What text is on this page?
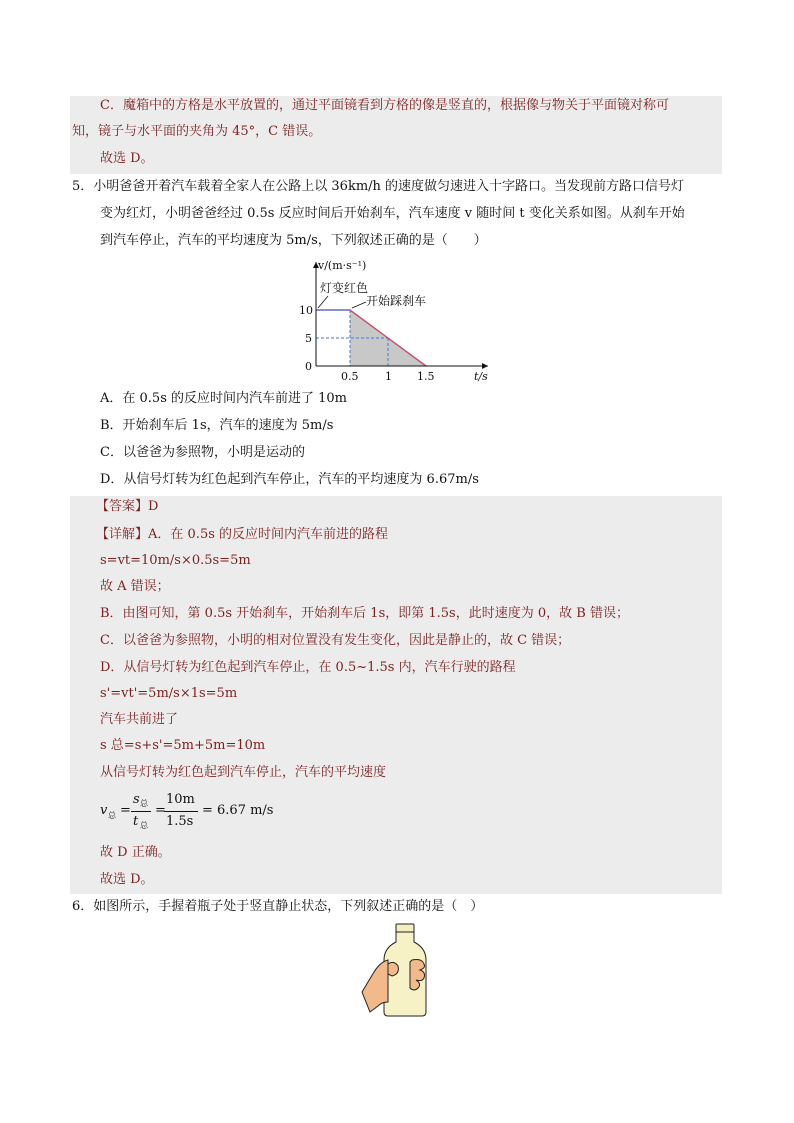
C．魔箱中的方格是水平放置的，通过平面镜看到方格的像是竖直的，根据像与物关于平面镜对称可
知，镜子与水平面的夹角为 45°，C 错误。
故选 D。
5．小明爸爸开着汽车载着全家人在公路上以 36km/h 的速度做匀速进入十字路口。当发现前方路口信号灯
变为红灯，小明爸爸经过 0.5s 反应时间后开始刹车，汽车速度 v 随时间 t 变化关系如图。从刹车开始
到汽车停止，汽车的平均速度为 5m/s，下列叙述正确的是（　　）
v/(m·s⁻¹)
t/s
灯变红色
开始踩刹车
10
5
0
0.5 1 1.5
A．在 0.5s 的反应时间内汽车前进了 10m
B．开始刹车后 1s，汽车的速度为 5m/s
C．以爸爸为参照物，小明是运动的
D．从信号灯转为红色起到汽车停止，汽车的平均速度为 6.67m/s
【答案】D
【详解】A．在 0.5s 的反应时间内汽车前进的路程
s=vt=10m/s×0.5s=5m
故 A 错误；
B．由图可知，第 0.5s 开始刹车，开始刹车后 1s，即第 1.5s，此时速度为 0，故 B 错误；
C．以爸爸为参照物，小明的相对位置没有发生变化，因此是静止的，故 C 错误；
D．从信号灯转为红色起到汽车停止，在 0.5~1.5s 内，汽车行驶的路程
s'=vt'=5m/s×1s=5m
汽车共前进了
s 总=s+s'=5m+5m=10m
从信号灯转为红色起到汽车停止，汽车的平均速度
v 总 =
s 总
t 总
=
10m
1.5s
= 6.67 m/s
故 D 正确。
故选 D。
6．如图所示，手握着瓶子处于竖直静止状态，下列叙述正确的是（　）
